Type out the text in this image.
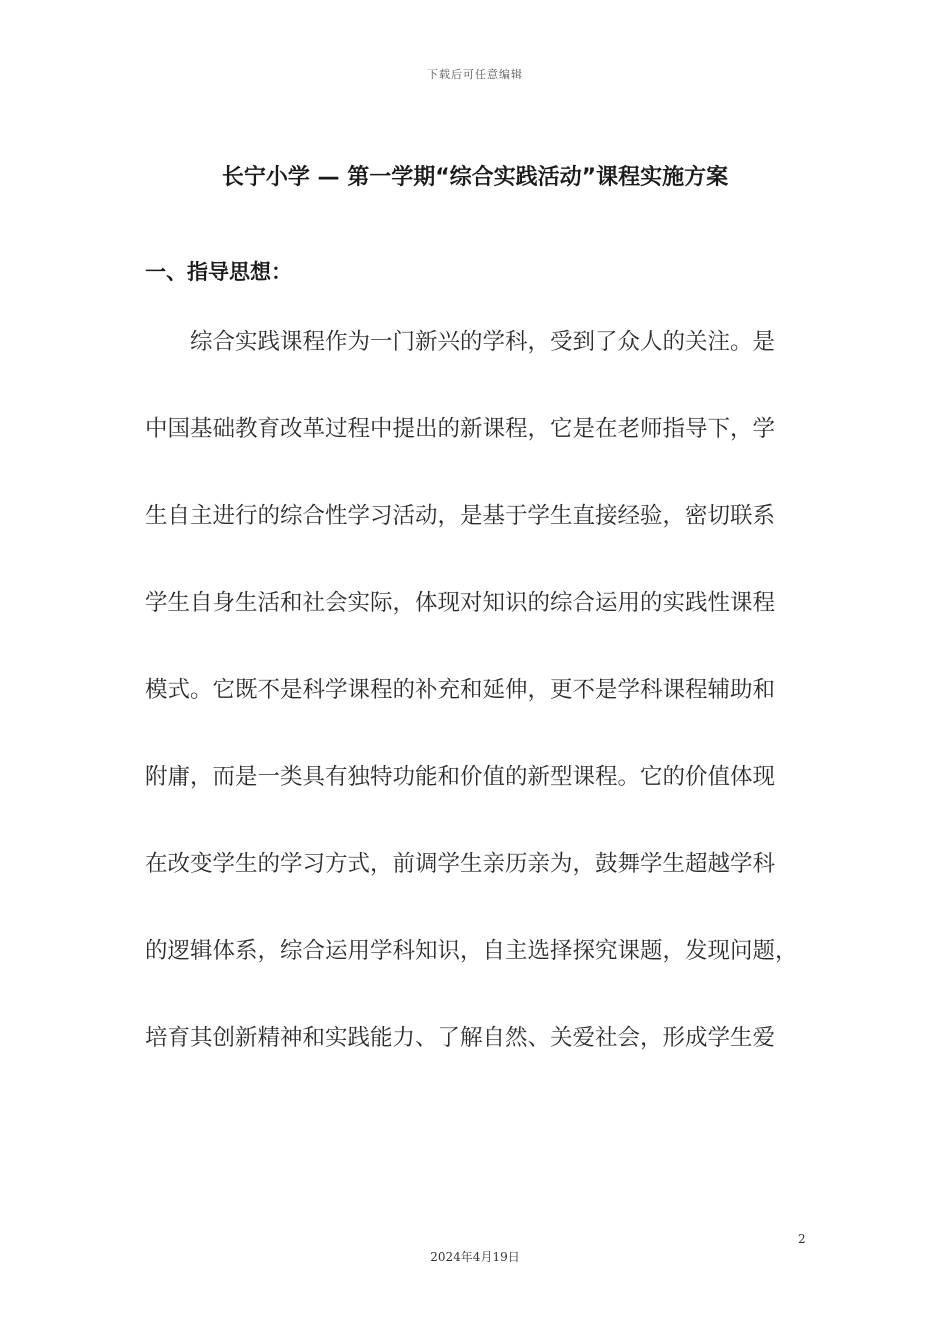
下载后可任意编辑
长宁小学 — 第一学期“综合实践活动”课程实施方案
一、指导思想：
综合实践课程作为一门新兴的学科，受到了众人的关注。是
中国基础教育改革过程中提出的新课程，它是在老师指导下，学
生自主进行的综合性学习活动，是基于学生直接经验，密切联系
学生自身生活和社会实际，体现对知识的综合运用的实践性课程
模式。它既不是科学课程的补充和延伸，更不是学科课程辅助和
附庸，而是一类具有独特功能和价值的新型课程。它的价值体现
在改变学生的学习方式，前调学生亲历亲为，鼓舞学生超越学科
的逻辑体系，综合运用学科知识，自主选择探究课题，发现问题，
培育其创新精神和实践能力、了解自然、关爱社会，形成学生爱
2
2024年4月19日
